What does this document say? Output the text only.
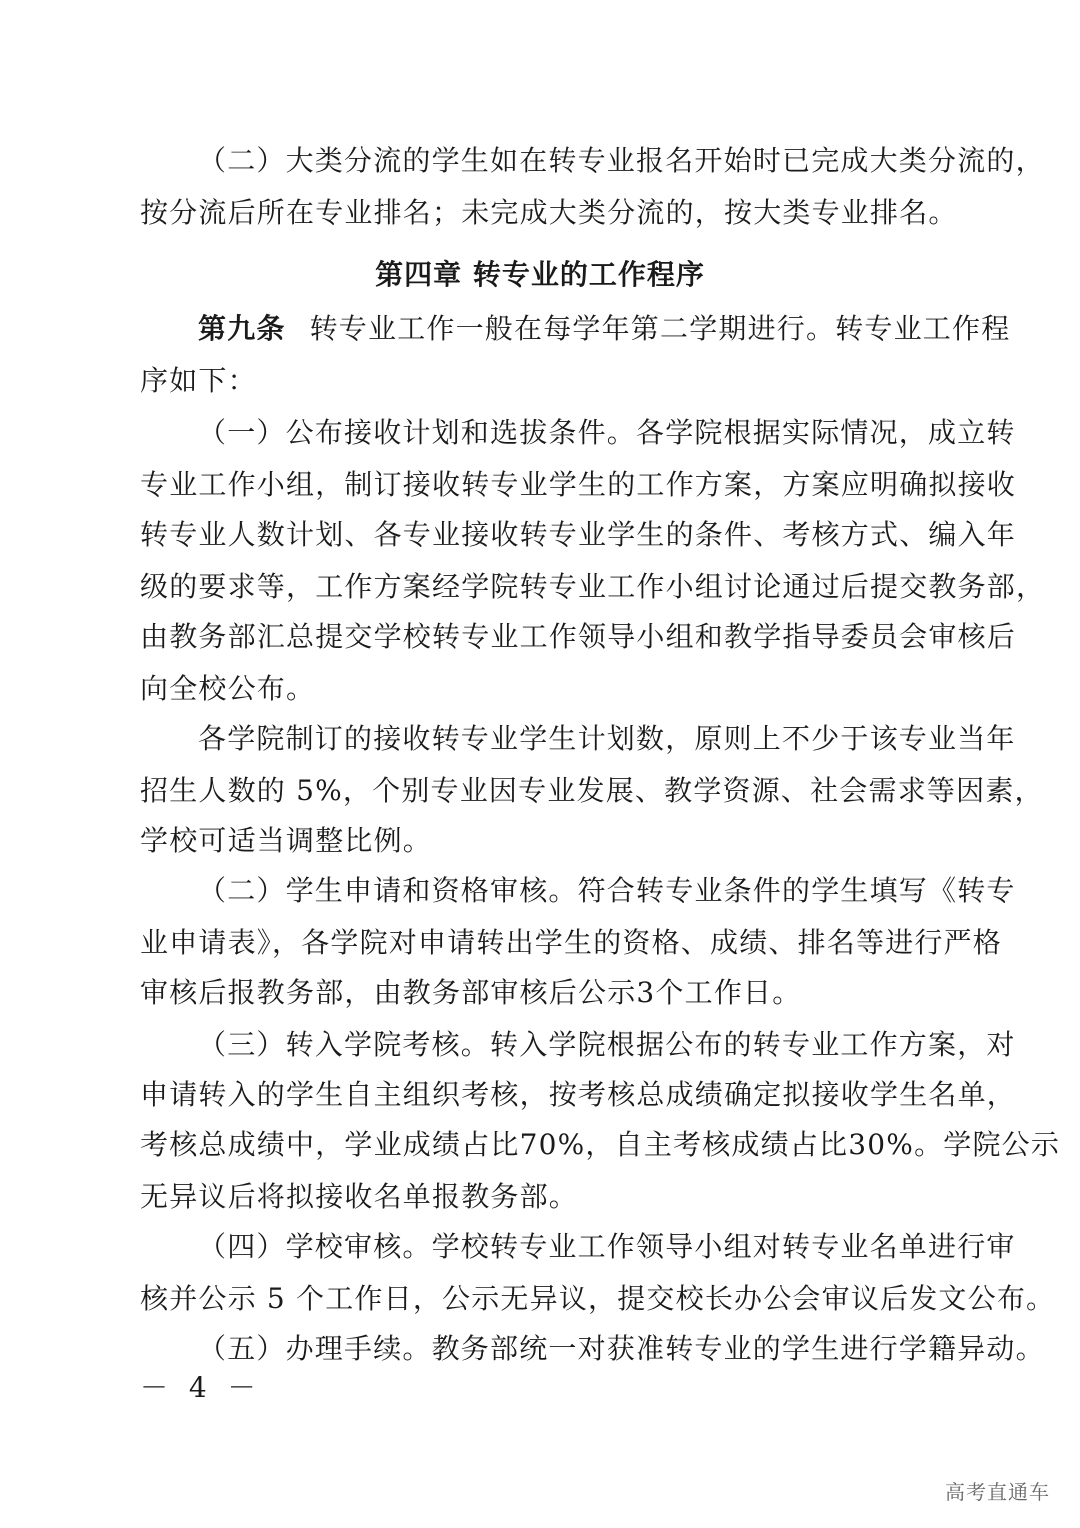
（二）大类分流的学生如在转专业报名开始时已完成大类分流的，
按分流后所在专业排名；未完成大类分流的，按大类专业排名。
第四章 转专业的工作程序
第九条 转专业工作一般在每学年第二学期进行。转专业工作程
序如下：
（一）公布接收计划和选拔条件。各学院根据实际情况，成立转
专业工作小组，制订接收转专业学生的工作方案，方案应明确拟接收
转专业人数计划、各专业接收转专业学生的条件、考核方式、编入年
级的要求等，工作方案经学院转专业工作小组讨论通过后提交教务部，
由教务部汇总提交学校转专业工作领导小组和教学指导委员会审核后
向全校公布。
各学院制订的接收转专业学生计划数，原则上不少于该专业当年
招生人数的 5%，个别专业因专业发展、教学资源、社会需求等因素，
学校可适当调整比例。
（二）学生申请和资格审核。符合转专业条件的学生填写《转专
业申请表》，各学院对申请转出学生的资格、成绩、排名等进行严格
审核后报教务部，由教务部审核后公示3个工作日。
（三）转入学院考核。转入学院根据公布的转专业工作方案，对
申请转入的学生自主组织考核，按考核总成绩确定拟接收学生名单，
考核总成绩中，学业成绩占比70%，自主考核成绩占比30%。学院公示
无异议后将拟接收名单报教务部。
（四）学校审核。学校转专业工作领导小组对转专业名单进行审
核并公示 5 个工作日，公示无异议，提交校长办公会审议后发文公布。
（五）办理手续。教务部统一对获准转专业的学生进行学籍异动。
－ 4 －
高考直通车
